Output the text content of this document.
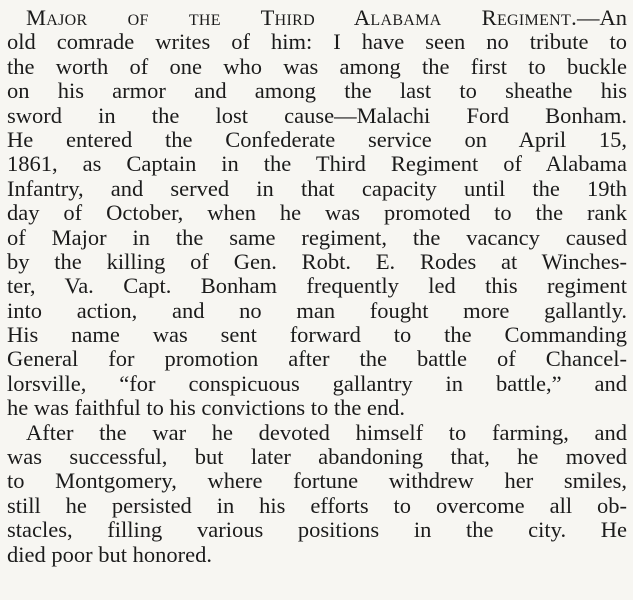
Major of the Third Alabama Regiment.—An
old comrade writes of him: I have seen no tribute to
the worth of one who was among the first to buckle
on his armor and among the last to sheathe his
sword in the lost cause—Malachi Ford Bonham.
He entered the Confederate service on April 15,
1861, as Captain in the Third Regiment of Alabama
Infantry, and served in that capacity until the 19th
day of October, when he was promoted to the rank
of Major in the same regiment, the vacancy caused
by the killing of Gen. Robt. E. Rodes at Winches-
ter, Va. Capt. Bonham frequently led this regiment
into action, and no man fought more gallantly.
His name was sent forward to the Commanding
General for promotion after the battle of Chancel-
lorsville, “for conspicuous gallantry in battle,” and
he was faithful to his convictions to the end.
After the war he devoted himself to farming, and
was successful, but later abandoning that, he moved
to Montgomery, where fortune withdrew her smiles,
still he persisted in his efforts to overcome all ob-
stacles, filling various positions in the city. He
died poor but honored.
